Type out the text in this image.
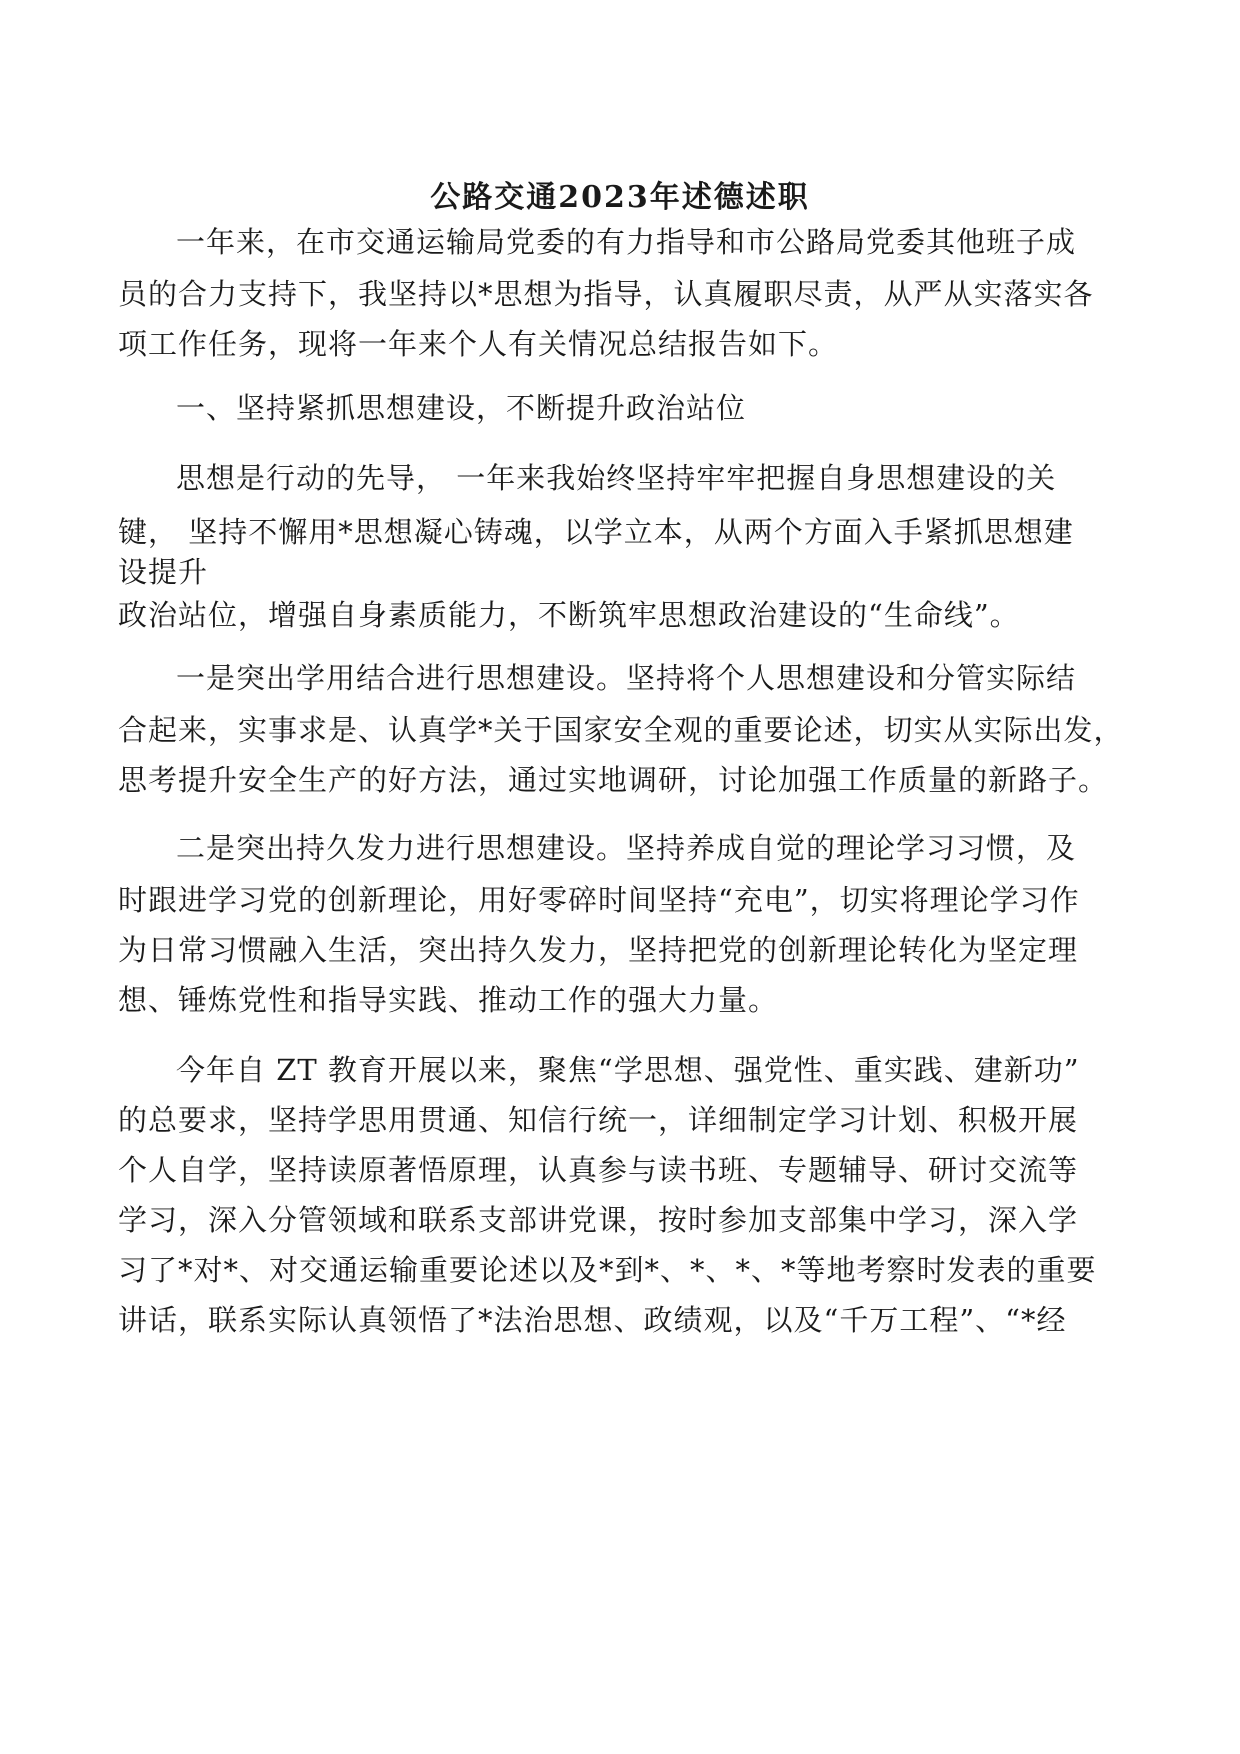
公路交通2023年述德述职
一年来，在市交通运输局党委的有力指导和市公路局党委其他班子成
员的合力支持下，我坚持以*思想为指导，认真履职尽责，从严从实落实各
项工作任务，现将一年来个人有关情况总结报告如下。
一、坚持紧抓思想建设，不断提升政治站位
思想是行动的先导， 一年来我始终坚持牢牢把握自身思想建设的关
键， 坚持不懈用*思想凝心铸魂，以学立本，从两个方面入手紧抓思想建
设提升
政治站位，增强自身素质能力，不断筑牢思想政治建设的“生命线”。
一是突出学用结合进行思想建设。坚持将个人思想建设和分管实际结
合起来，实事求是、认真学*关于国家安全观的重要论述，切实从实际出发，
思考提升安全生产的好方法，通过实地调研，讨论加强工作质量的新路子。
二是突出持久发力进行思想建设。坚持养成自觉的理论学习习惯，及
时跟进学习党的创新理论，用好零碎时间坚持“充电”，切实将理论学习作
为日常习惯融入生活，突出持久发力，坚持把党的创新理论转化为坚定理
想、锤炼党性和指导实践、推动工作的强大力量。
今年自 ZT 教育开展以来，聚焦“学思想、强党性、重实践、建新功”
的总要求，坚持学思用贯通、知信行统一，详细制定学习计划、积极开展
个人自学，坚持读原著悟原理，认真参与读书班、专题辅导、研讨交流等
学习，深入分管领域和联系支部讲党课，按时参加支部集中学习，深入学
习了*对*、对交通运输重要论述以及*到*、*、*、*等地考察时发表的重要
讲话，联系实际认真领悟了*法治思想、政绩观，以及“千万工程”、“*经
